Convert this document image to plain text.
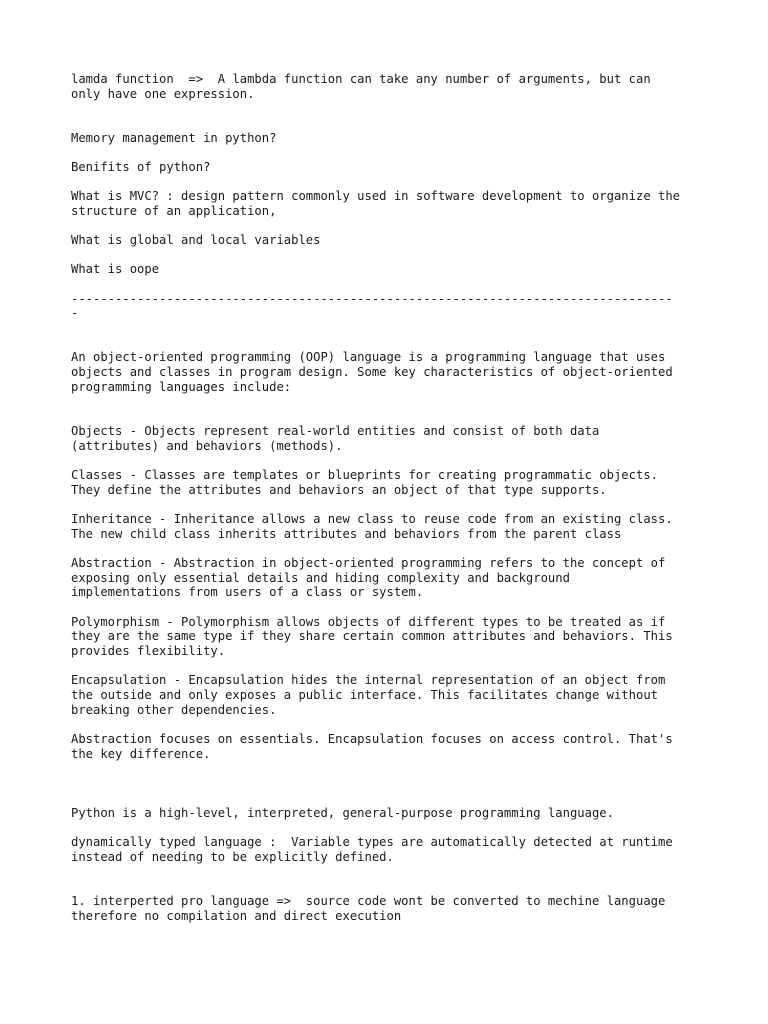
lamda function  =>  A lambda function can take any number of arguments, but can

only have one expression.

Memory management in python?

Benifits of python?

What is MVC? : design pattern commonly used in software development to organize the

structure of an application,

What is global and local variables

What is oope

----------------------------------------------------------------------------------

-

An object-oriented programming (OOP) language is a programming language that uses

objects and classes in program design. Some key characteristics of object-oriented

programming languages include:

Objects - Objects represent real-world entities and consist of both data

(attributes) and behaviors (methods).

Classes - Classes are templates or blueprints for creating programmatic objects.

They define the attributes and behaviors an object of that type supports.

Inheritance - Inheritance allows a new class to reuse code from an existing class.

The new child class inherits attributes and behaviors from the parent class

Abstraction - Abstraction in object-oriented programming refers to the concept of

exposing only essential details and hiding complexity and background

implementations from users of a class or system.

Polymorphism - Polymorphism allows objects of different types to be treated as if

they are the same type if they share certain common attributes and behaviors. This

provides flexibility.

Encapsulation - Encapsulation hides the internal representation of an object from

the outside and only exposes a public interface. This facilitates change without

breaking other dependencies.

Abstraction focuses on essentials. Encapsulation focuses on access control. That's

the key difference.

Python is a high-level, interpreted, general-purpose programming language.

dynamically typed language :  Variable types are automatically detected at runtime

instead of needing to be explicitly defined.

1. interperted pro language =>  source code wont be converted to mechine language

therefore no compilation and direct execution
